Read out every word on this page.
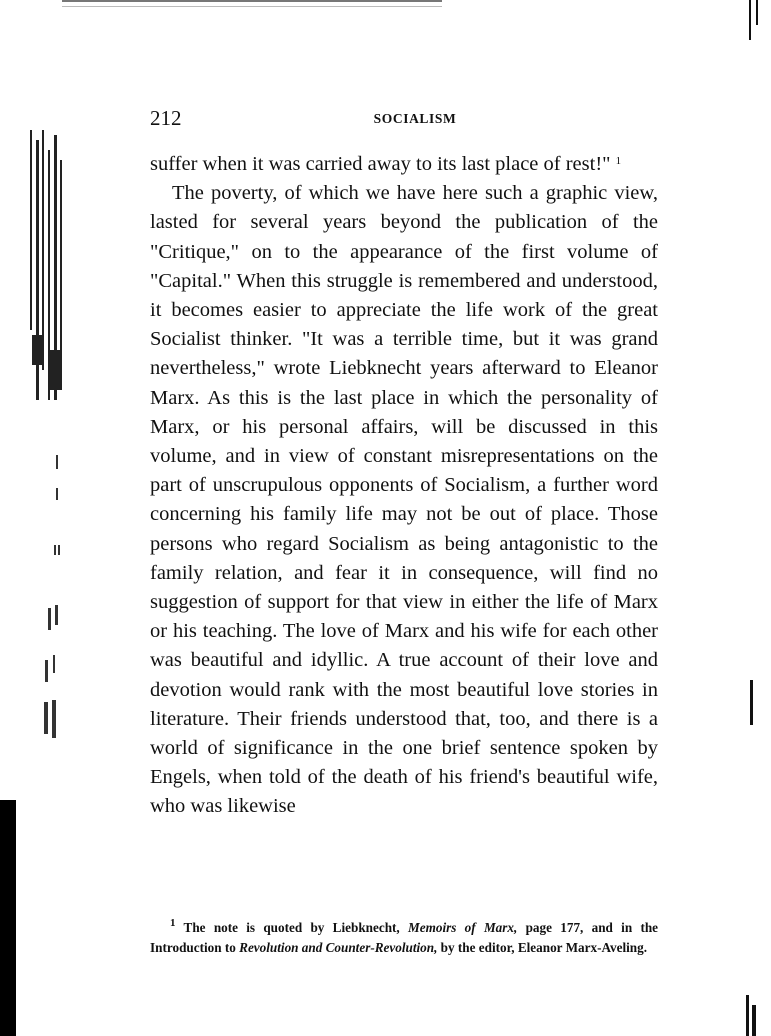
212	SOCIALISM

suffer when it was carried away to its last place of rest!" $^1$

The poverty, of which we have here such a graphic view, lasted for several years beyond the publication of the "Critique," on to the appearance of the first volume of "Capital." When this struggle is remembered and understood, it becomes easier to appreciate the life work of the great Socialist thinker. "It was a terrible time, but it was grand nevertheless," wrote Liebknecht years afterward to Eleanor Marx. As this is the last place in which the personality of Marx, or his personal affairs, will be discussed in this volume, and in view of constant misrepresentations on the part of unscrupulous opponents of Socialism, a further word concerning his family life may not be out of place. Those persons who regard Socialism as being antagonistic to the family relation, and fear it in consequence, will find no suggestion of support for that view in either the life of Marx or his teaching. The love of Marx and his wife for each other was beautiful and idyllic. A true account of their love and devotion would rank with the most beautiful love stories in literature. Their friends understood that, too, and there is a world of significance in the one brief sentence spoken by Engels, when told of the death of his friend's beautiful wife, who was likewise

$^1$ The note is quoted by Liebknecht, Memoirs of Marx, page 177, and in the Introduction to Revolution and Counter-Revolution, by the editor, Eleanor Marx-Aveling.
